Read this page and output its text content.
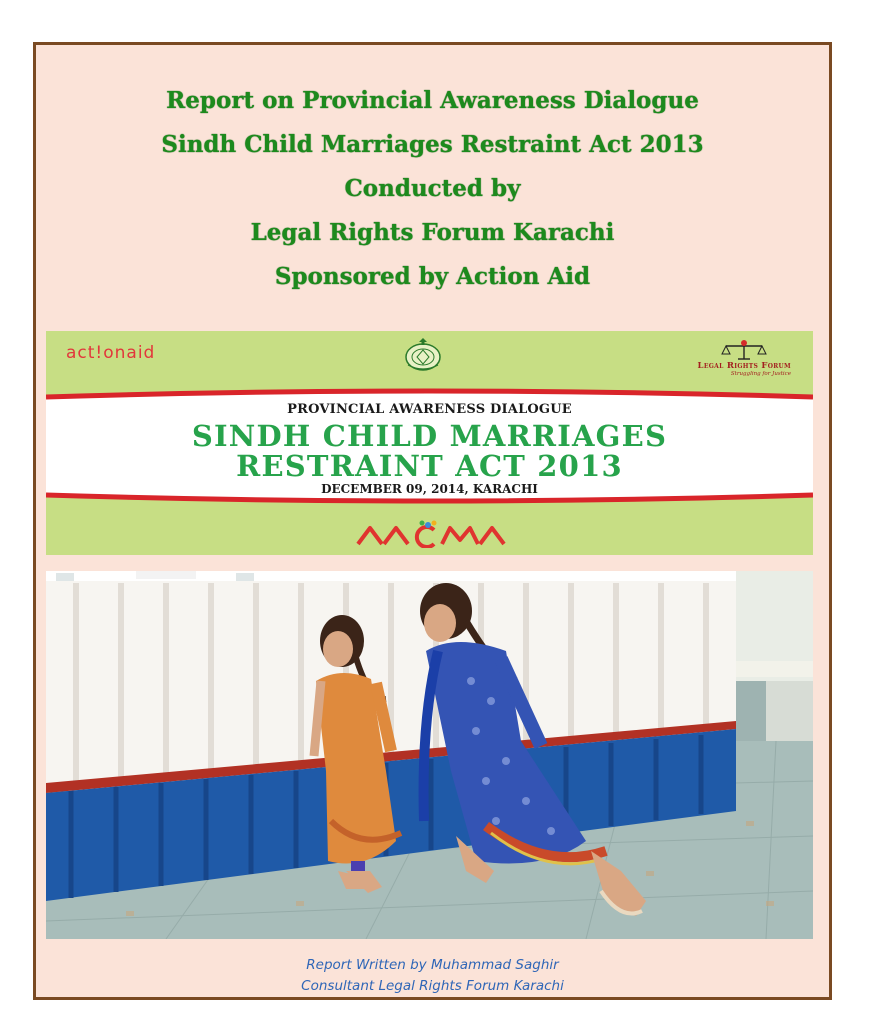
Report on Provincial Awareness Dialogue
Sindh Child Marriages Restraint Act 2013
Conducted by
Legal Rights Forum Karachi
Sponsored by Action Aid
act!onaid
Legal Rights Forum
Struggling for Justice
PROVINCIAL AWARENESS DIALOGUE
SINDH CHILD MARRIAGES
RESTRAINT ACT 2013
DECEMBER 09, 2014, KARACHI
Report Written by Muhammad Saghir
Consultant Legal Rights Forum Karachi
